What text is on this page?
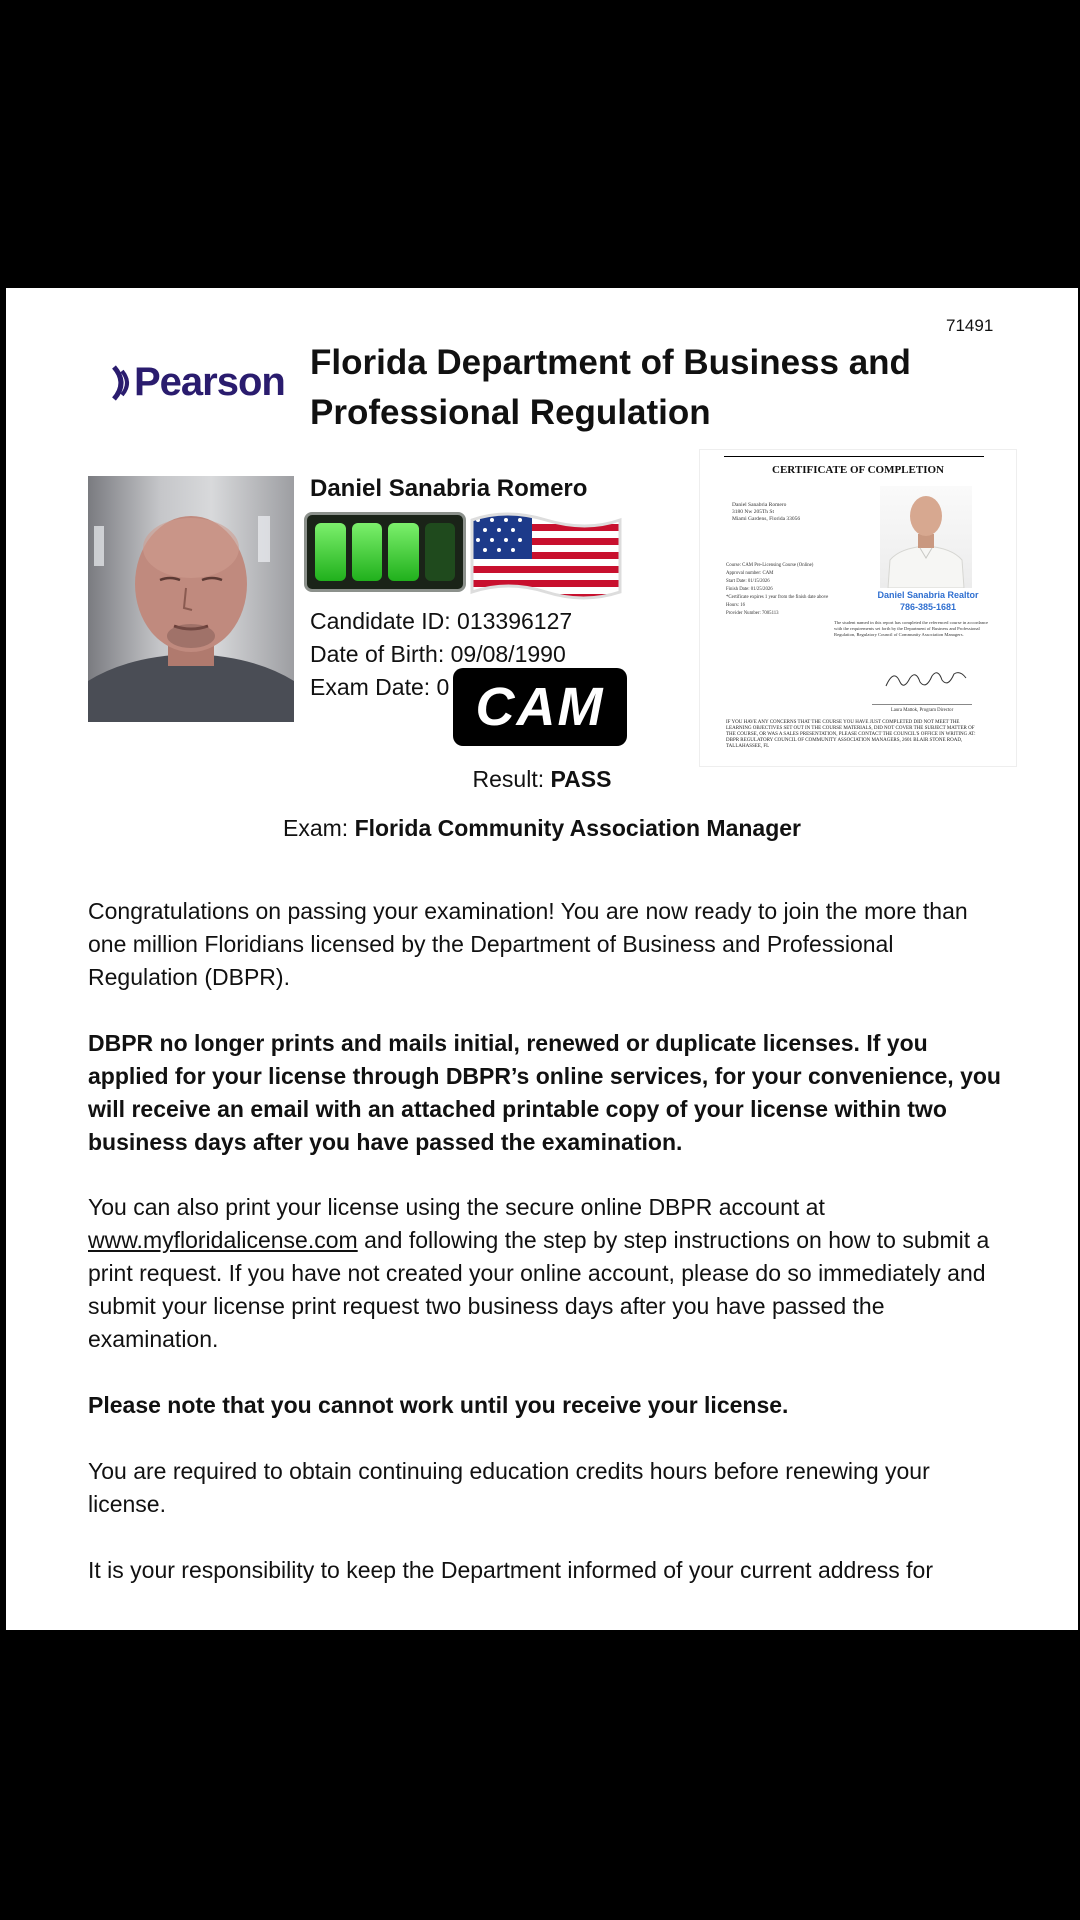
71491
Pearson Florida Department of Business and Professional Regulation
Daniel Sanabria Romero
Candidate ID: 013396127
Date of Birth: 09/08/1990
Exam Date: 0 CAM
CERTIFICATE OF COMPLETION
Daniel Sanabria Romero
3180 Nw 205Th St
Miami Gardens, Florida 33056
Daniel Sanabria Realtor
786-385-1681
Course: CAM Pre-Licensing Course (Online)
Approval number: CAM
Start Date: 01/15/2026
Finish Date: 01/25/2026
*Certificate expires 1 year from the finish date above
Hours: 16
Provider Number: 7005113
The student named in this report has completed the referenced course in accordance with the requirements set forth by the Department of Business and Professional Regulation, Regulatory Council of Community Association Managers.
Laura Mattok, Program Director
IF YOU HAVE ANY CONCERNS THAT THE COURSE YOU HAVE JUST COMPLETED DID NOT MEET THE LEARNING OBJECTIVES SET OUT IN THE COURSE MATERIALS, DID NOT COVER THE SUBJECT MATTER OF THE COURSE, OR WAS A SALES PRESENTATION, PLEASE CONTACT THE COUNCIL'S OFFICE IN WRITING AT: DBPR REGULATORY COUNCIL OF COMMUNITY ASSOCIATION MANAGERS, 2601 BLAIR STONE ROAD, TALLAHASSEE, FL
Result: PASS
Exam: Florida Community Association Manager

Congratulations on passing your examination! You are now ready to join the more than one million Floridians licensed by the Department of Business and Professional Regulation (DBPR).

DBPR no longer prints and mails initial, renewed or duplicate licenses. If you applied for your license through DBPR’s online services, for your convenience, you will receive an email with an attached printable copy of your license within two business days after you have passed the examination.

You can also print your license using the secure online DBPR account at www.myfloridalicense.com and following the step by step instructions on how to submit a print request. If you have not created your online account, please do so immediately and submit your license print request two business days after you have passed the examination.

Please note that you cannot work until you receive your license.

You are required to obtain continuing education credits hours before renewing your license.

It is your responsibility to keep the Department informed of your current address for
